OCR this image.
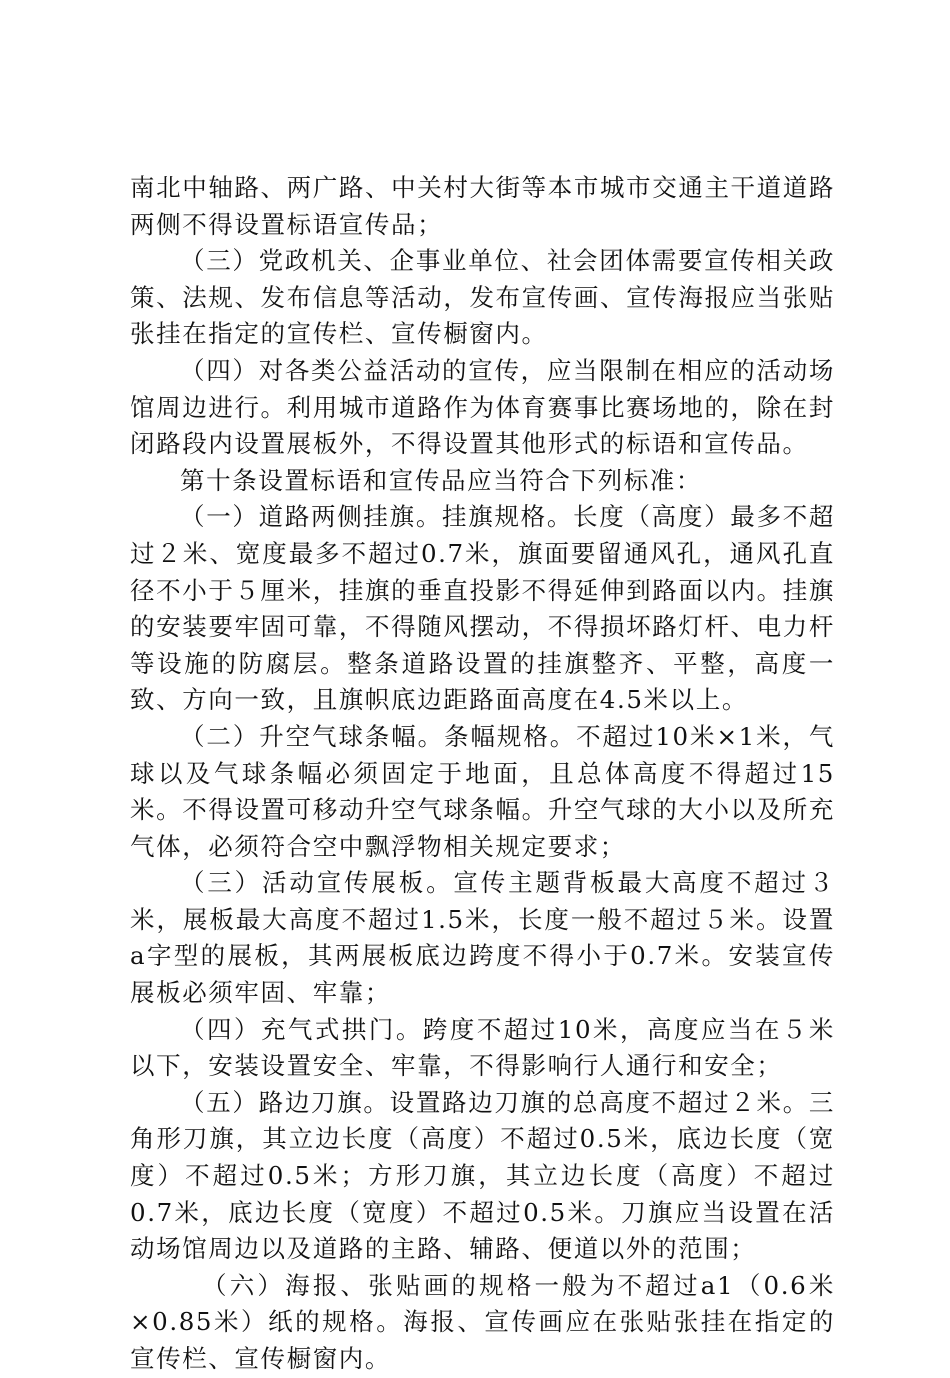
南北中轴路、两广路、中关村大街等本市城市交通主干道道路两侧不得设置标语宣传品；

（三）党政机关、企事业单位、社会团体需要宣传相关政策、法规、发布信息等活动，发布宣传画、宣传海报应当张贴张挂在指定的宣传栏、宣传橱窗内。

（四）对各类公益活动的宣传，应当限制在相应的活动场馆周边进行。利用城市道路作为体育赛事比赛场地的，除在封闭路段内设置展板外，不得设置其他形式的标语和宣传品。

第十条设置标语和宣传品应当符合下列标准：

（一）道路两侧挂旗。挂旗规格。长度（高度）最多不超过２米、宽度最多不超过0.7米，旗面要留通风孔，通风孔直径不小于５厘米，挂旗的垂直投影不得延伸到路面以内。挂旗的安装要牢固可靠，不得随风摆动，不得损坏路灯杆、电力杆等设施的防腐层。整条道路设置的挂旗整齐、平整，高度一致、方向一致，且旗帜底边距路面高度在4.5米以上。

（二）升空气球条幅。条幅规格。不超过10米×1米，气球以及气球条幅必须固定于地面，且总体高度不得超过15米。不得设置可移动升空气球条幅。升空气球的大小以及所充气体，必须符合空中飘浮物相关规定要求；

（三）活动宣传展板。宣传主题背板最大高度不超过３米，展板最大高度不超过1.5米，长度一般不超过５米。设置a字型的展板，其两展板底边跨度不得小于0.7米。安装宣传展板必须牢固、牢靠；

（四）充气式拱门。跨度不超过10米，高度应当在５米以下，安装设置安全、牢靠，不得影响行人通行和安全；

（五）路边刀旗。设置路边刀旗的总高度不超过２米。三角形刀旗，其立边长度（高度）不超过0.5米，底边长度（宽度）不超过0.5米；方形刀旗，其立边长度（高度）不超过0.7米，底边长度（宽度）不超过0.5米。刀旗应当设置在活动场馆周边以及道路的主路、辅路、便道以外的范围；

（六）海报、张贴画的规格一般为不超过a1（0.6米×0.85米）纸的规格。海报、宣传画应在张贴张挂在指定的宣传栏、宣传橱窗内。
